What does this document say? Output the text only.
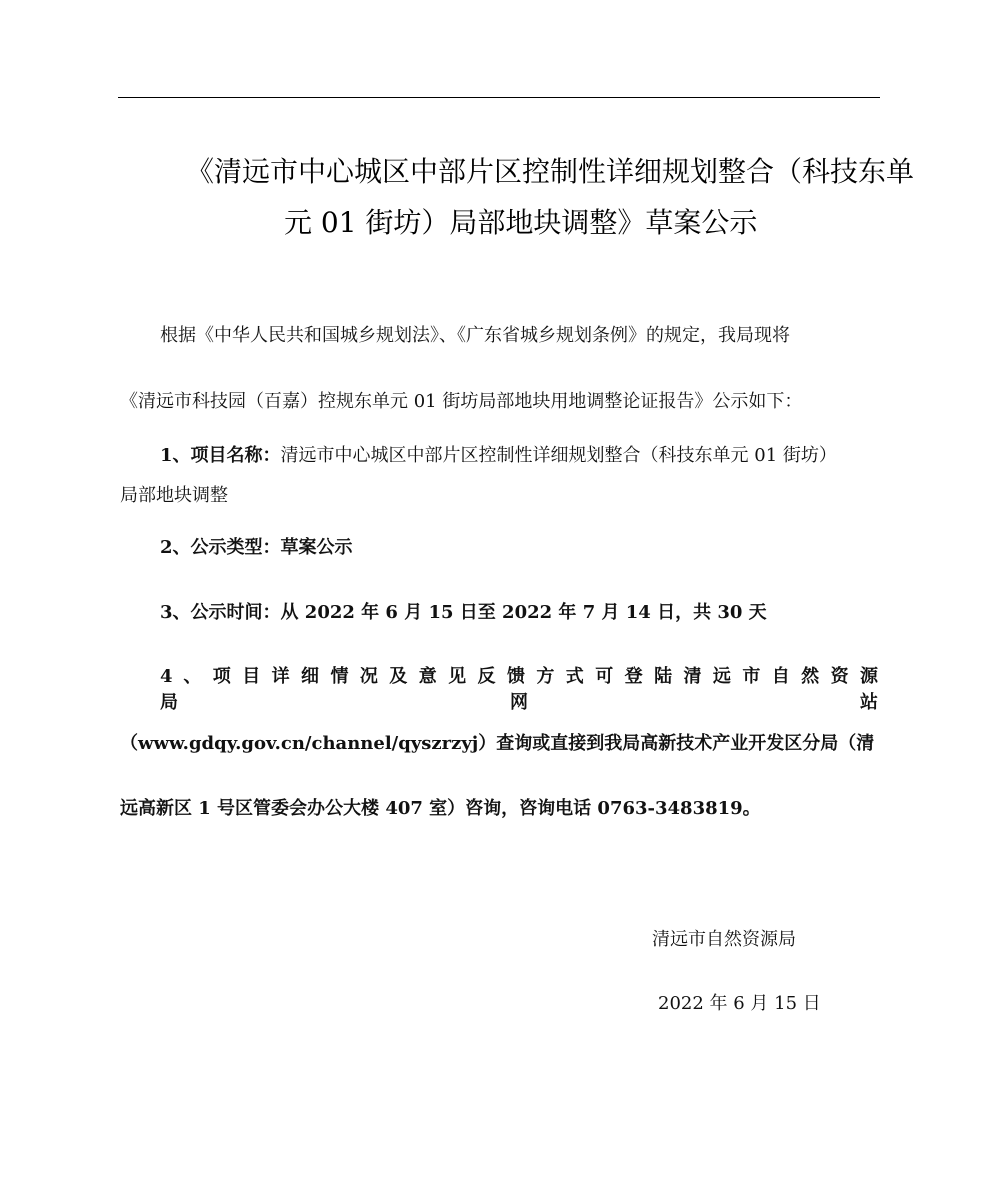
《清远市中心城区中部片区控制性详细规划整合（科技东单
元 01 街坊）局部地块调整》草案公示
根据《中华人民共和国城乡规划法》、《广东省城乡规划条例》的规定，我局现将
《清远市科技园（百嘉）控规东单元 01 街坊局部地块用地调整论证报告》公示如下：
1、项目名称：清远市中心城区中部片区控制性详细规划整合（科技东单元 01 街坊）
局部地块调整
2、公示类型：草案公示
3、公示时间：从 2022 年 6 月 15 日至 2022 年 7 月 14 日，共 30 天
4 、 项 目 详 细 情 况 及 意 见 反 馈 方 式 可 登 陆 清 远 市 自 然 资 源 局 网 站
（www.gdqy.gov.cn/channel/qyszrzyj）查询或直接到我局高新技术产业开发区分局（清
远高新区 1 号区管委会办公大楼 407 室）咨询，咨询电话 0763-3483819。
清远市自然资源局
2022 年 6 月 15 日
